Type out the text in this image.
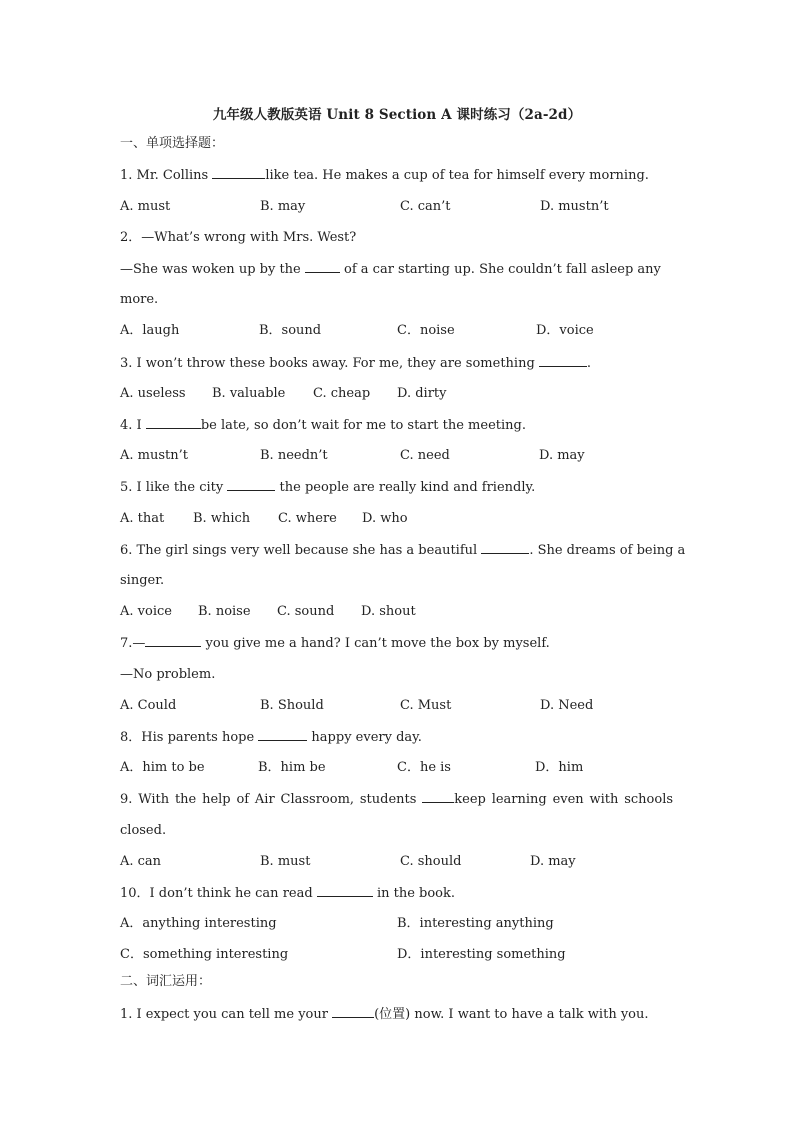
九年级人教版英语 Unit 8 Section A 课时练习（2a-2d）
一、单项选择题：
1. Mr. Collins	like tea. He makes a cup of tea for himself every morning.
A. must	B. may	C. can’t	D. mustn’t
2．—What’s wrong with Mrs. West?
—She was woken up by the	of a car starting up. She couldn’t fall asleep any
more.
A．laugh	B．sound	C．noise	D．voice
3. I won’t throw these books away. For me, they are something	.
A. useless B. valuable C. cheap D. dirty
4. I	be late, so don’t wait for me to start the meeting.
A. mustn’t	B. needn’t	C. need	D. may
5. I like the city	the people are really kind and friendly.
A. that B. which C. where D. who
6. The girl sings very well because she has a beautiful	. She dreams of being a
singer.
A. voice B. noise C. sound D. shout
7.—	you give me a hand? I can’t move the box by myself.
—No problem.
A. Could	B. Should	C. Must	D. Need
8．His parents hope	happy every day.
A．him to be	B．him be	C．he is	D．him
9. With the help of Air Classroom, students	keep learning even with schools
closed.
A. can	B. must	C. should	D. may
10．I don’t think he can read	in the book.
A．anything interesting	B．interesting anything
C．something interesting	D．interesting something
二、词汇运用：
1. I expect you can tell me your	(位置) now. I want to have a talk with you.
